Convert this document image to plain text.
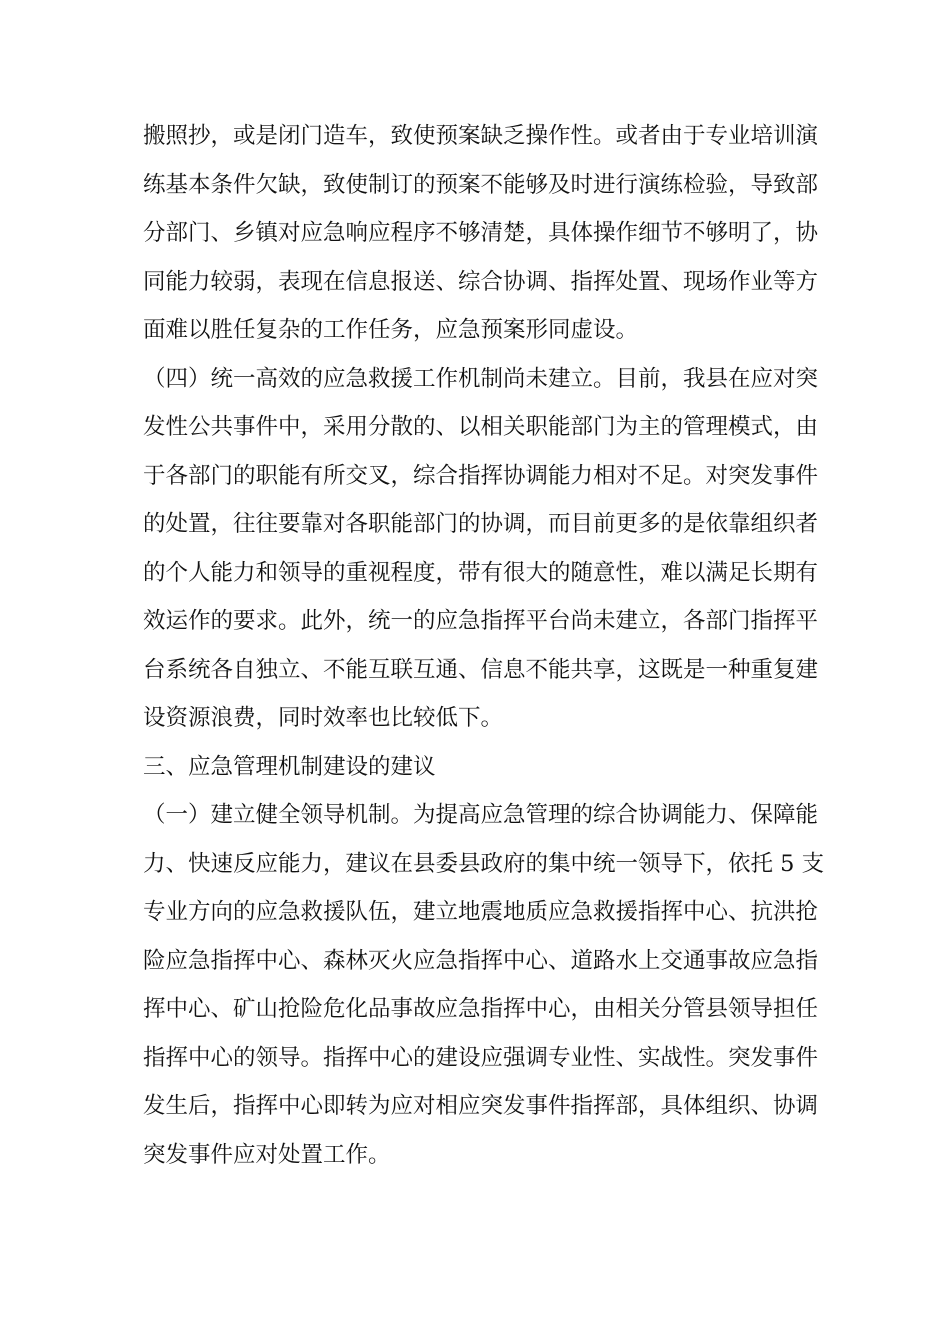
搬照抄，或是闭门造车，致使预案缺乏操作性。或者由于专业培训演
练基本条件欠缺，致使制订的预案不能够及时进行演练检验，导致部
分部门、乡镇对应急响应程序不够清楚，具体操作细节不够明了，协
同能力较弱，表现在信息报送、综合协调、指挥处置、现场作业等方
面难以胜任复杂的工作任务，应急预案形同虚设。
（四）统一高效的应急救援工作机制尚未建立。目前，我县在应对突
发性公共事件中，采用分散的、以相关职能部门为主的管理模式，由
于各部门的职能有所交叉，综合指挥协调能力相对不足。对突发事件
的处置，往往要靠对各职能部门的协调，而目前更多的是依靠组织者
的个人能力和领导的重视程度，带有很大的随意性，难以满足长期有
效运作的要求。此外，统一的应急指挥平台尚未建立，各部门指挥平
台系统各自独立、不能互联互通、信息不能共享，这既是一种重复建
设资源浪费，同时效率也比较低下。
三、应急管理机制建设的建议
（一）建立健全领导机制。为提高应急管理的综合协调能力、保障能
力、快速反应能力，建议在县委县政府的集中统一领导下，依托 5 支
专业方向的应急救援队伍，建立地震地质应急救援指挥中心、抗洪抢
险应急指挥中心、森林灭火应急指挥中心、道路水上交通事故应急指
挥中心、矿山抢险危化品事故应急指挥中心，由相关分管县领导担任
指挥中心的领导。指挥中心的建设应强调专业性、实战性。突发事件
发生后，指挥中心即转为应对相应突发事件指挥部，具体组织、协调
突发事件应对处置工作。
